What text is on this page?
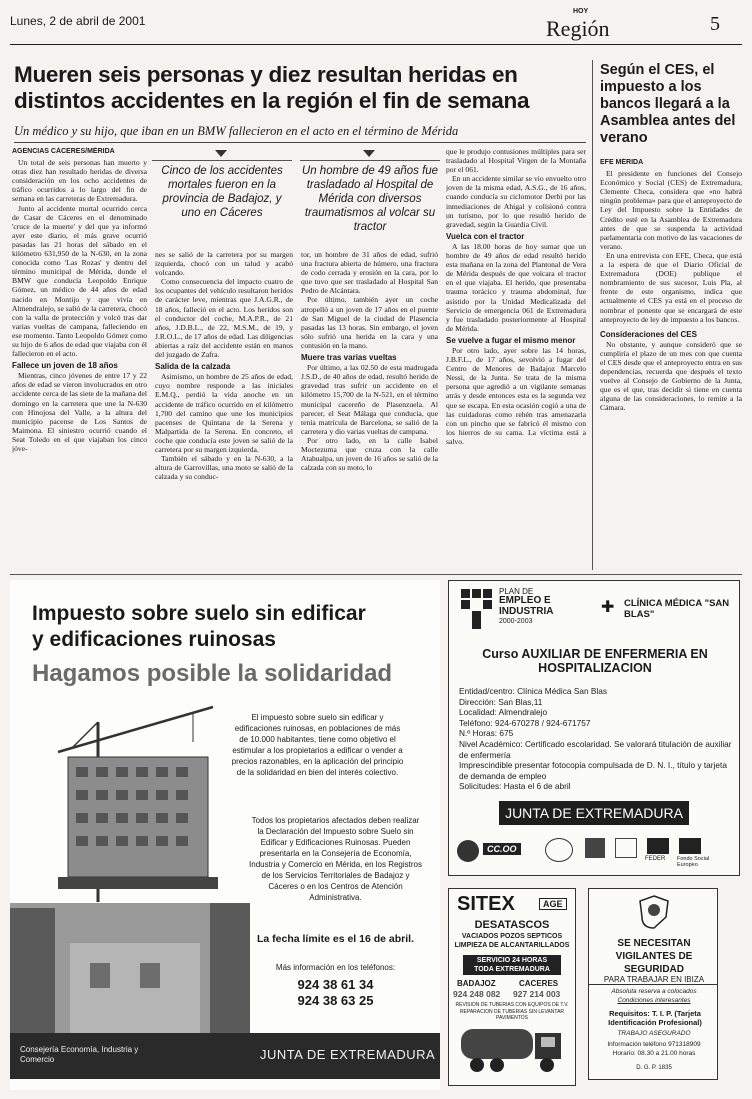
Lunes, 2 de abril de 2001
HOY
Región	5
Mueren seis personas y diez resultan heridas en distintos accidentes en la región el fin de semana
Un médico y su hijo, que iban en un BMW fallecieron en el acto en el término de Mérida
AGENCIAS CÁCERES/MÉRIDA

Un total de seis personas han muerto y otras diez han resultado heridas de diversa consideración en los ocho accidentes de tráfico ocurridos a lo largo del fin de semana en las carreteras de Extremadura.

Junto al accidente mortal ocurrido cerca de Casar de Cáceres en el denominado 'cruce de la muerte' y del que ya informó ayer este diario, el más grave ocurrió pasadas las 21 horas del sábado en el kilómetro 631,950 de la N-630, en la zona conocida como 'Las Rozas' y dentro del término municipal de Mérida, donde el BMW que conducía Leopoldo Enrique Gómez, un médico de 44 años de edad nacido en Montijo y que vivía en Almendralejo, se salió de la carretera, chocó con la valla de protección y volcó tras dar varias vueltas de campana, falleciendo en ese momento. Tanto Leopoldo Gómez como su hijo de 6 años de edad que viajaba con él fallecieron en el acto.

Fallece un joven de 18 años

Mientras, cinco jóvenes de entre 17 y 22 años de edad se vieron involucrados en otro accidente cerca de las siete de la mañana del domingo en la carretera que une la N-630 con Hinojosa del Valle, a la altura del municipio pacense de Los Santos de Maimona. El siniestro ocurrió cuando el Seat Toledo en el que viajaban los cinco jóve-

Cinco de los accidentes mortales fueron en la provincia de Badajoz, y uno en Cáceres
Un hombre de 49 años fue trasladado al Hospital de Mérida con diversos traumatismos al volcar su tractor

nes se salió de la carretera por su margen izquierda, chocó con un talud y acabó volcando.

Como consecuencia del impacto cuatro de los ocupantes del vehículo resultaron heridos de carácter leve, mientras que J.A.G.R., de 18 años, falleció en el acto. Los heridos son el conductor del coche, M.A.P.R., de 21 años, J.D.B.L., de 22, M.S.M., de 19, y J.R.O.L., de 17 años de edad. Las diligencias abiertas a raíz del accidente están en manos del juzgado de Zafra.

Salida de la calzada

Asimismo, un hombre de 25 años de edad, cuyo nombre responde a las iniciales E.M.Q., perdió la vida anoche en un accidente de tráfico ocurrido en el kilómetro 1,700 del camino que une los municipios pacenses de Quintana de la Serena y Malpartida de la Serena. En concreto, el coche que conducía este joven se salió de la carretera por su margen izquierda.

También el sábado y en la N-630, a la altura de Garrovillas, una moto se salió de la calzada y su conduc-

tor, un hombre de 31 años de edad, sufrió una fractura abierta de húmero, una fractura de codo cerrada y erosión en la cara, por lo que tuvo que ser trasladado al Hospital San Pedro de Alcántara.

Por último, también ayer un coche atropelló a un joven de 17 años en el puente de San Miguel de la ciudad de Plasencia pasadas las 13 horas. Sin embargo, el joven sólo sufrió una herida en la cara y una contusión en la mano.

Muere tras varias vueltas

Por último, a las 02.50 de esta madrugada J.S.D., de 40 años de edad, resultó herido de gravedad tras sufrir un accidente en el kilómetro 15,700 de la N-521, en el término municipal cacereño de Plasenzuela. Al parecer, el Seat Málaga que conducía, que tenía matrícula de Barcelona, se salió de la carretera y dio varias vueltas de campana.

Por otro lado, en la calle Isabel Moctezuma que cruza con la calle Atahualpa, un joven de 16 años se salió de la calzada con su moto, lo

que le produjo contusiones múltiples para ser trasladado al Hospital Virgen de la Montaña por el 061.

En un accidente similar se vio envuelto otro joven de la misma edad, A.S.G., de 16 años, cuando conducía su ciclomotor Derbi por las inmediaciones de Ahigal y colisionó contra un turismo, por lo que resultó herido de gravedad, según la Guardia Civil.

Vuelca con el tractor

A las 18.00 horas de hoy sumar que un hombre de 49 años de edad resultó herido esta mañana en la zona del Plantonal de Vera de Mérida después de que volcara el tractor en el que viajaba. El herido, que presentaba trauma torácico y trauma abdominal, fue asistido por la Unidad Medicalizada del Servicio de emergencia 061 de Extremadura y fue trasladado posteriormente al Hospital de Mérida.

Se vuelve a fugar el mismo menor

Por otro lado, ayer sobre las 14 horas, J.B.F.L., de 17 años, sevolvió a fugar del Centro de Menores de Badajoz Marcelo Nessi, de la Junta. Se trata de la misma persona que agredió a un vigilante semanas atrás y desde entonces esta es la segunda vez que se escapa. En esta ocasión cogió a una de las cuidadoras como rehén tras amenazarla con un pincho que se fabricó él mismo con los hierros de su cama. La víctima está a salvo.

Según el CES, el impuesto a los bancos llegará a la Asamblea antes del verano
EFE MÉRIDA

El presidente en funciones del Consejo Económico y Social (CES) de Extremadura, Clemente Checa, considera que «no habrá ningún problema» para que el anteproyecto de Ley del Impuesto sobre la Entidades de Crédito esté en la Asamblea de Extremadura antes de que se suspenda la actividad parlamentaria con motivo de las vacaciones de verano.

En una entrevista con EFE, Checa, que está a la espera de que el Diario Oficial de Extremadura (DOE) publique el nombramiento de sus sucesor, Luis Pla, al frente de este organismo, indica que actualmente el CES ya está en el proceso de nombrar el ponente que se encargará de este anteproyecto de ley de impuesto a los bancos.

Consideraciones del CES

No obstante, y aunque consideró que se cumpliría el plazo de un mes con que cuenta el CES desde que el anteproyecto entra en sus dependencias, recuerda que después el texto vuelve al Consejo de Gobierno de la Junta, que es el que, tras decidir si tiene en cuenta alguna de las consideraciones, lo remite a la Cámara.

Impuesto sobre suelo sin edificar
y edificaciones ruinosas
Hagamos posible la solidaridad
El impuesto sobre suelo sin edificar y edificaciones ruinosas, en poblaciones de más de 10.000 habitantes, tiene como objetivo el estimular a los propietarios a edificar o vender a precios razonables, en la aplicación del principio de la solidaridad en bien del interés colectivo.
Todos los propietarios afectados deben realizar la Declaración del Impuesto sobre Suelo sin Edificar y Edificaciones Ruinosas. Pueden presentarla en la Consejería de Economía, Industria y Comercio en Mérida, en los Registros de los Servicios Territoriales de Badajoz y Cáceres o en los Centros de Atención Administrativa.
La fecha límite es el 16 de abril.
Más información en los teléfonos:
924 38 61 34
924 38 63 25
Consejería Economía, Industria y Comercio	JUNTA DE EXTREMADURA
PLAN DE
EMPLEO E
INDUSTRIA
2000-2003
✚ CLÍNICA MÉDICA "SAN BLAS"
Curso AUXILIAR DE ENFERMERIA EN HOSPITALIZACION
Entidad/centro: Clínica Médica San Blas
Dirección: San Blas,11
Localidad: Almendralejo
Teléfono: 924-670278 / 924-671757
N.º Horas: 675
Nivel Académico: Certificado escolaridad. Se valorará titulación de auxiliar de enfermería
Imprescindible presentar fotocopia compulsada de D. N. I., título y tarjeta de demanda de empleo
Solicitudes: Hasta el 6 de abril
JUNTA DE EXTREMADURA
CC.OO
FEDER Fondo Social Europeo
SITEX	AGE
DESATASCOS
VACIADOS POZOS SEPTICOS
LIMPIEZA DE ALCANTARILLADOS
SERVICIO 24 HORAS
TODA EXTREMADURA
BADAJOZ	CACERES
924 248 082 927 214 003
REVISION DE TUBERIAS CON EQUIPOS DE T.V.
REPARACION DE TUBERIAS SIN LEVANTAR PAVIMENTOS
SE NECESITAN VIGILANTES DE SEGURIDAD
PARA TRABAJAR EN IBIZA
Absoluta reserva a colocados
Condiciones interesantes
Requisitos: T. I. P. (Tarjeta Identificación Profesional)
TRABAJO ASEGURADO
Información teléfono 971318909
Horario: 08.30 a 21.00 horas
D. G. P. 1835
